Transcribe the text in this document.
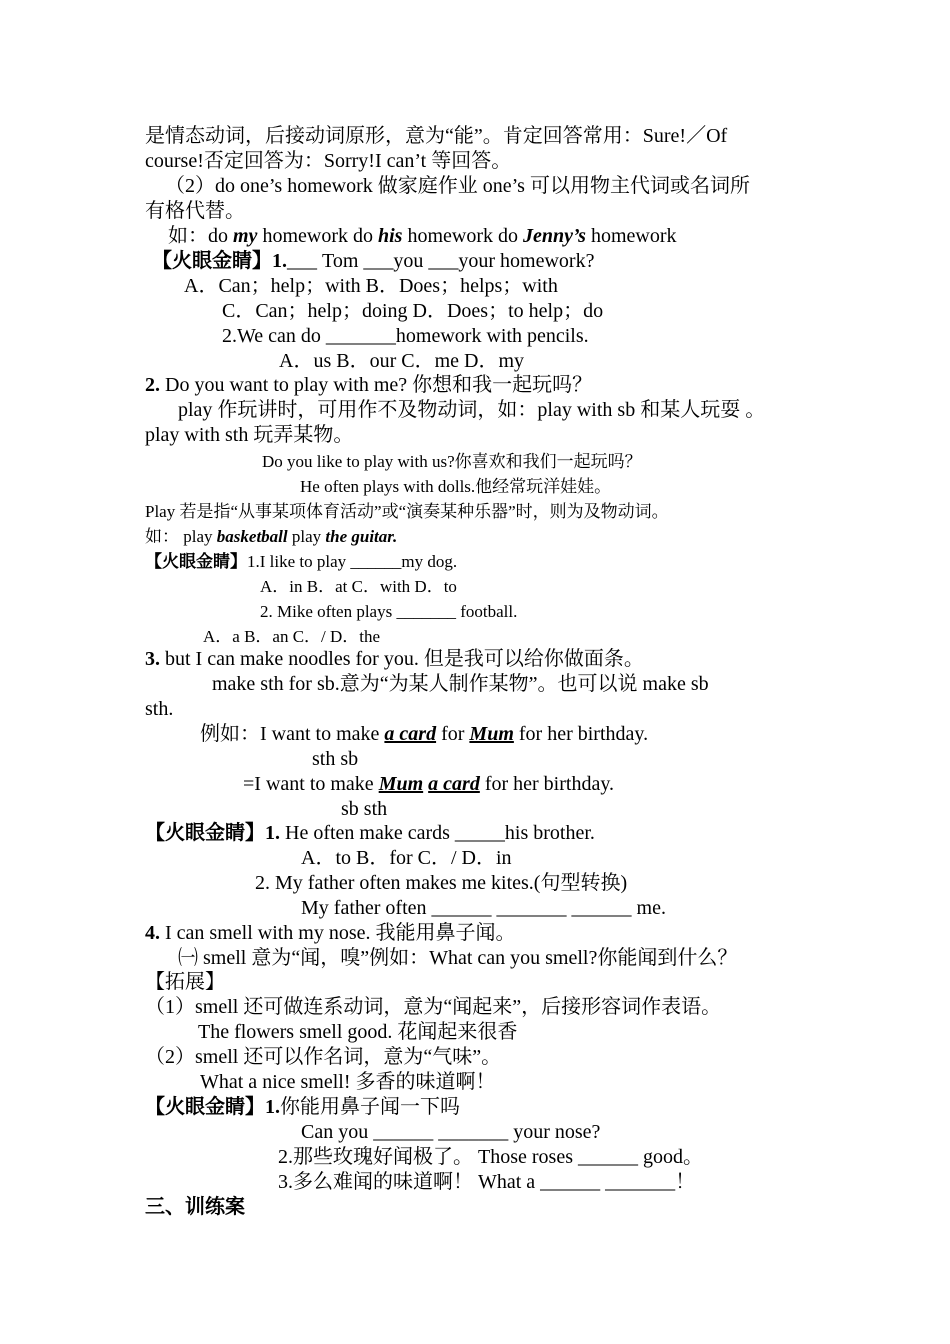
是情态动词，后接动词原形，意为“能”。肯定回答常用：Sure!／Of
course!否定回答为：Sorry!I can’t 等回答。
（2）do one’s homework 做家庭作业 one’s 可以用物主代词或名词所
有格代替。
如：do my homework do his homework do Jenny’s homework
【火眼金睛】1.___ Tom ___you ___your homework?
A．Can；help；with B．Does；helps；with
C．Can；help；doing D．Does；to help；do
2.We can do _______homework with pencils.
A．us B．our C．me D．my
2. Do you want to play with me? 你想和我一起玩吗？
play 作玩讲时，可用作不及物动词，如：play with sb 和某人玩耍 。
play with sth 玩弄某物。
Do you like to play with us?你喜欢和我们一起玩吗？
He often plays with dolls.他经常玩洋娃娃。
Play 若是指“从事某项体育活动”或“演奏某种乐器”时，则为及物动词。
如： play basketball play the guitar.
【火眼金睛】1.I like to play ______my dog.
A．in B．at C．with D．to
2. Mike often plays _______ football.
A．a B．an C．/ D．the
3. but I can make noodles for you. 但是我可以给你做面条。
make sth for sb.意为“为某人制作某物”。也可以说 make sb
sth.
例如：I want to make a card for Mum for her birthday.
sth sb
=I want to make Mum a card for her birthday.
sb sth
【火眼金睛】1. He often make cards _____his brother.
A．to B．for C．/ D．in
2. My father often makes me kites.(句型转换)
My father often ______ _______ ______ me.
4. I can smell with my nose. 我能用鼻子闻。
㈠ smell 意为“闻，嗅”例如：What can you smell?你能闻到什么？
【拓展】
（1）smell 还可做连系动词，意为“闻起来”，后接形容词作表语。
The flowers smell good. 花闻起来很香
（2）smell 还可以作名词，意为“气味”。
What a nice smell! 多香的味道啊！
【火眼金睛】1.你能用鼻子闻一下吗
Can you ______ _______ your nose?
2.那些玫瑰好闻极了。 Those roses ______ good。
3.多么难闻的味道啊！ What a ______ _______！
三、训练案
